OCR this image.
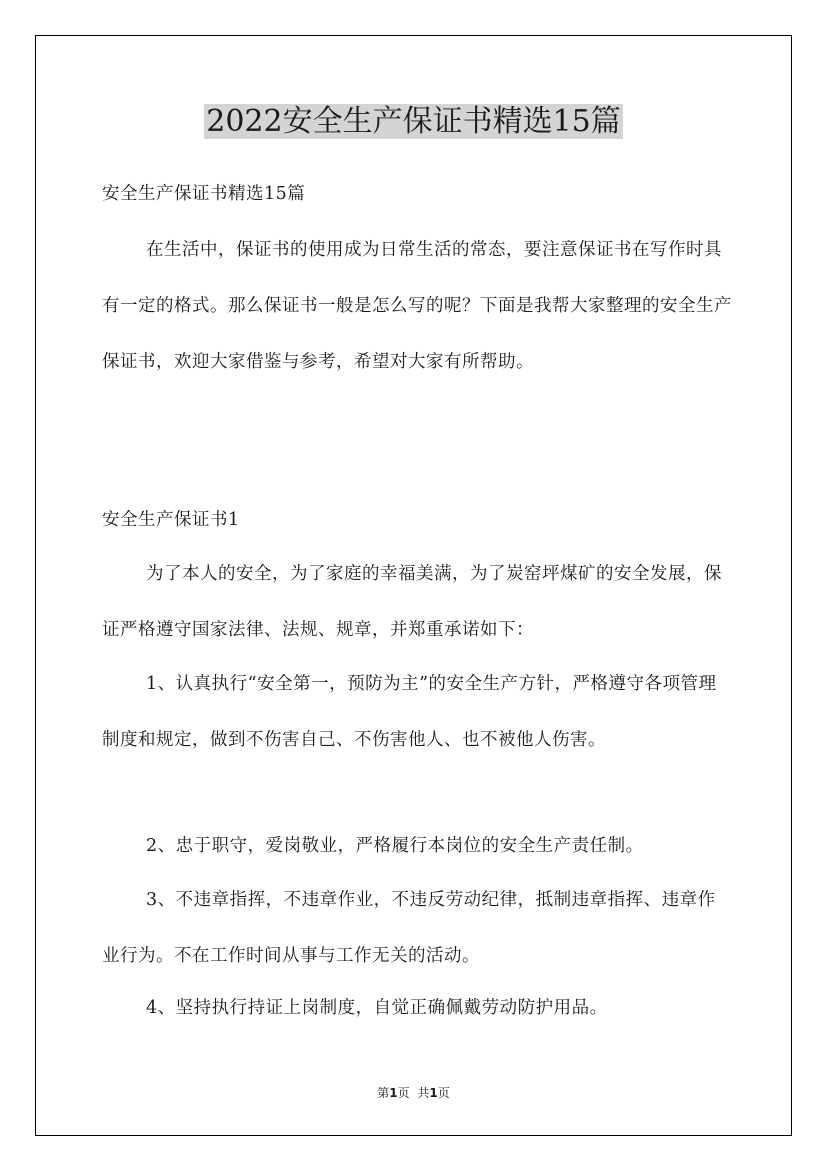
2022安全生产保证书精选15篇

安全生产保证书精选15篇

在生活中，保证书的使用成为日常生活的常态，要注意保证书在写作时具有一定的格式。那么保证书一般是怎么写的呢？下面是我帮大家整理的安全生产保证书，欢迎大家借鉴与参考，希望对大家有所帮助。

安全生产保证书1

为了本人的安全，为了家庭的幸福美满，为了炭窑坪煤矿的安全发展，保证严格遵守国家法律、法规、规章，并郑重承诺如下：

1、认真执行“安全第一，预防为主”的安全生产方针，严格遵守各项管理制度和规定，做到不伤害自己、不伤害他人、也不被他人伤害。

2、忠于职守，爱岗敬业，严格履行本岗位的安全生产责任制。

3、不违章指挥，不违章作业，不违反劳动纪律，抵制违章指挥、违章作业行为。不在工作时间从事与工作无关的活动。

4、坚持执行持证上岗制度，自觉正确佩戴劳动防护用品。

第1页 共1页
